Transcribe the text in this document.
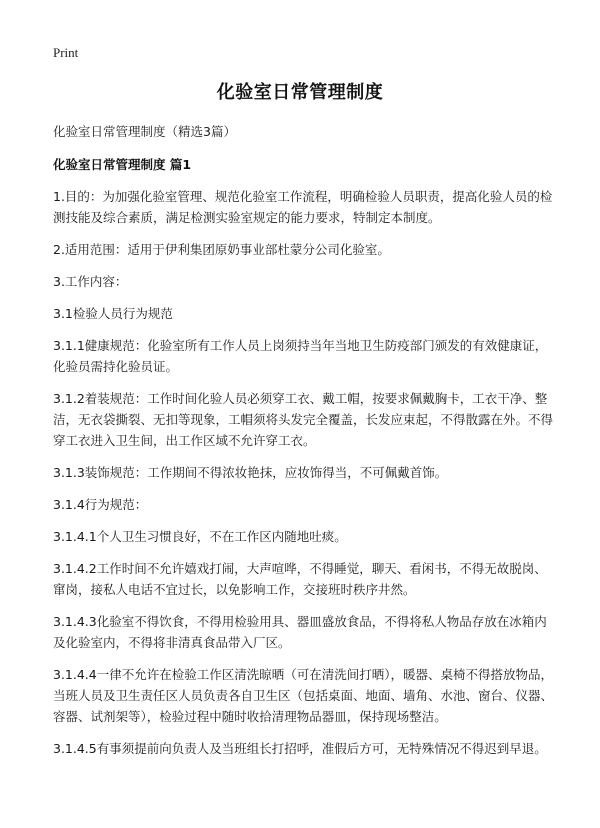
Print
化验室日常管理制度

化验室日常管理制度（精选3篇）

化验室日常管理制度 篇1

1.目的：为加强化验室管理、规范化验室工作流程，明确检验人员职责，提高化验人员的检测技能及综合素质，满足检测实验室规定的能力要求，特制定本制度。

2.适用范围：适用于伊利集团原奶事业部杜蒙分公司化验室。

3.工作内容：

3.1检验人员行为规范

3.1.1健康规范：化验室所有工作人员上岗须持当年当地卫生防疫部门颁发的有效健康证，化验员需持化验员证。

3.1.2着装规范：工作时间化验人员必须穿工衣、戴工帽，按要求佩戴胸卡，工衣干净、整洁，无衣袋撕裂、无扣等现象，工帽须将头发完全覆盖，长发应束起，不得散露在外。不得穿工衣进入卫生间，出工作区域不允许穿工衣。

3.1.3装饰规范：工作期间不得浓妆艳抹，应妆饰得当，不可佩戴首饰。

3.1.4行为规范：

3.1.4.1个人卫生习惯良好，不在工作区内随地吐痰。

3.1.4.2工作时间不允许嬉戏打闹，大声喧哗，不得睡觉，聊天、看闲书，不得无故脱岗、窜岗，接私人电话不宜过长，以免影响工作，交接班时秩序井然。

3.1.4.3化验室不得饮食，不得用检验用具、器皿盛放食品，不得将私人物品存放在冰箱内及化验室内，不得将非清真食品带入厂区。

3.1.4.4一律不允许在检验工作区清洗晾晒（可在清洗间打晒），暖器、桌椅不得搭放物品，当班人员及卫生责任区人员负责各自卫生区（包括桌面、地面、墙角、水池、窗台、仪器、容器、试剂架等），检验过程中随时收拾清理物品器皿，保持现场整洁。

3.1.4.5有事须提前向负责人及当班组长打招呼，准假后方可，无特殊情况不得迟到早退。
